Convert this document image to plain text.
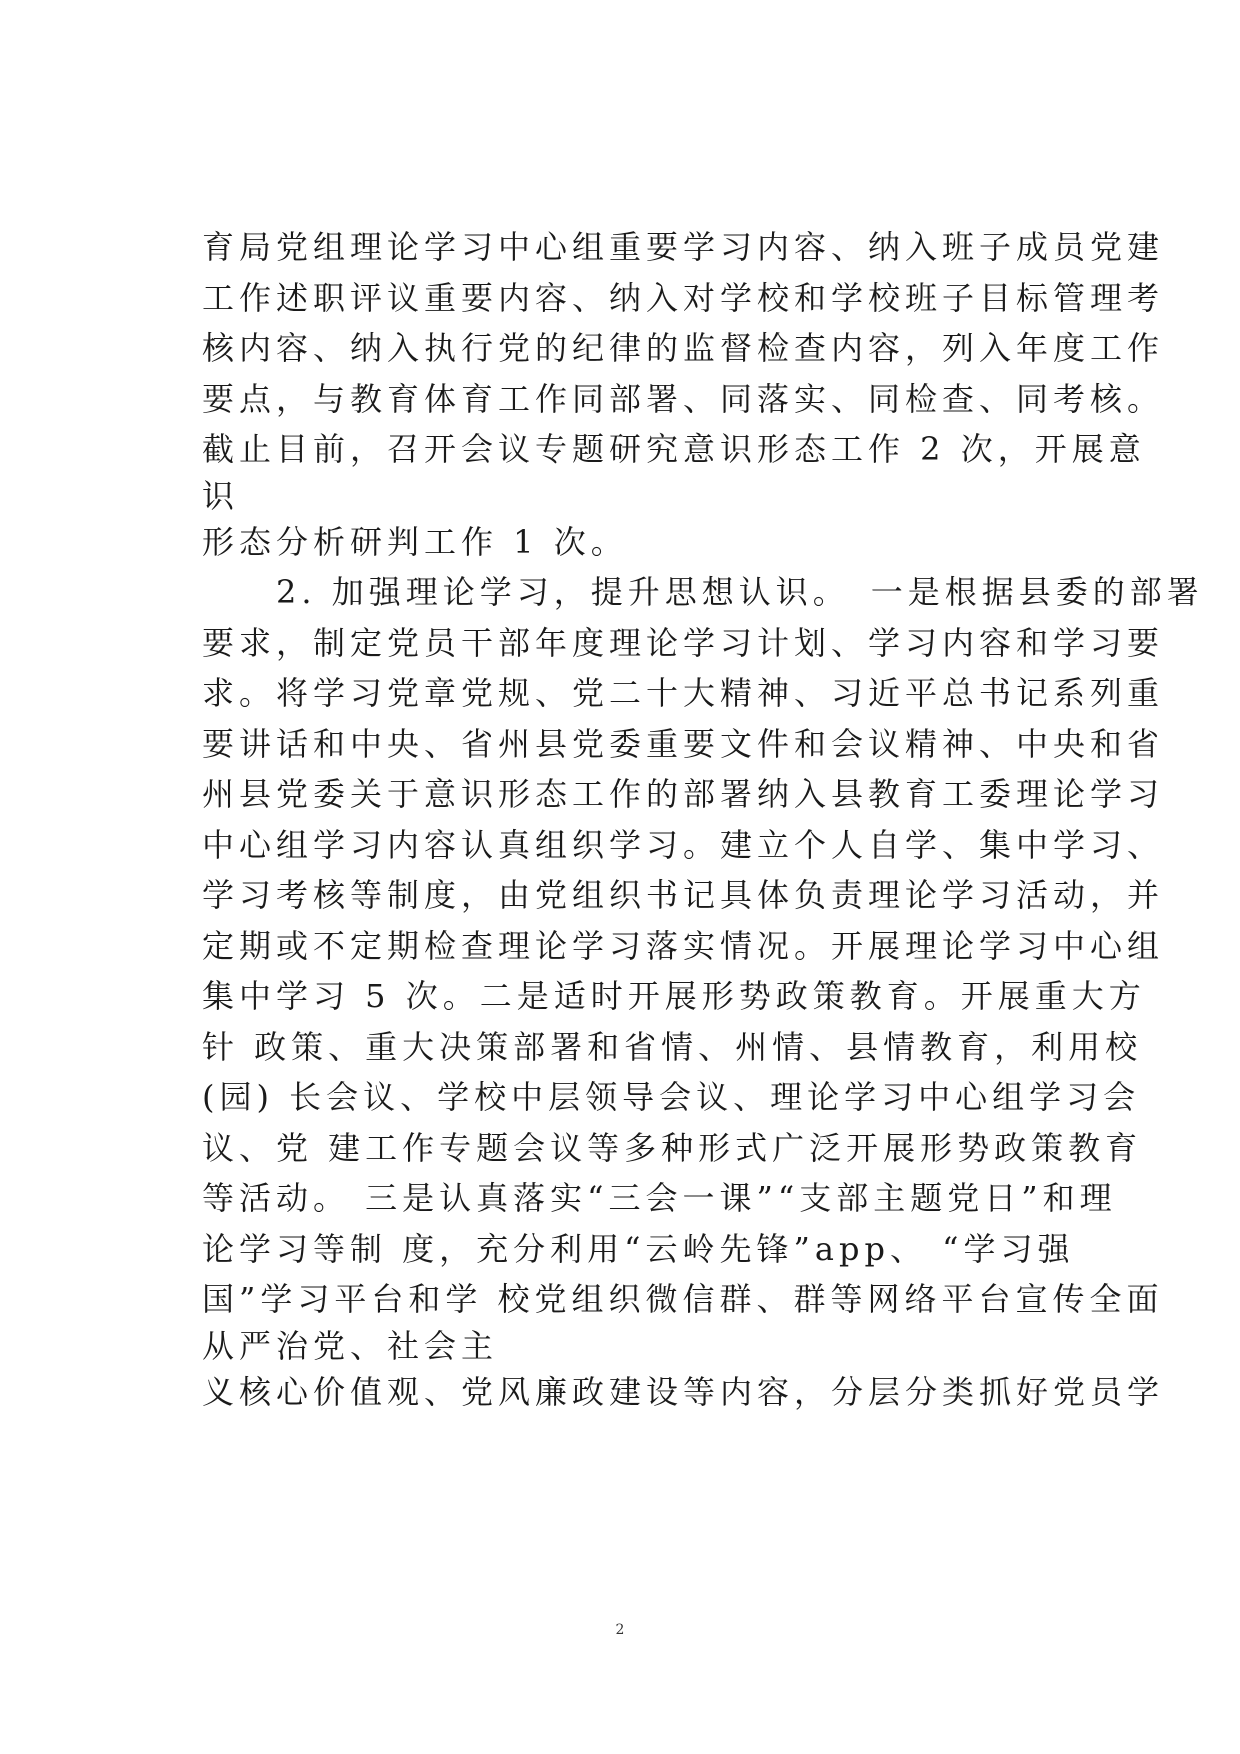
育局党组理论学习中心组重要学习内容、纳入班子成员党建
工作述职评议重要内容、纳入对学校和学校班子目标管理考
核内容、纳入执行党的纪律的监督检查内容，列入年度工作
要点，与教育体育工作同部署、同落实、同检查、同考核。
截止目前，召开会议专题研究意识形态工作 2 次，开展意
识
形态分析研判工作 1 次。
　　2. 加强理论学习，提升思想认识。　一是根据县委的部署
要求，制定党员干部年度理论学习计划、学习内容和学习要
求。将学习党章党规、党二十大精神、习近平总书记系列重
要讲话和中央、省州县党委重要文件和会议精神、中央和省
州县党委关于意识形态工作的部署纳入县教育工委理论学习
中心组学习内容认真组织学习。建立个人自学、集中学习、
学习考核等制度，由党组织书记具体负责理论学习活动，并
定期或不定期检查理论学习落实情况。开展理论学习中心组
集中学习 5 次。二是适时开展形势政策教育。开展重大方
针 政策、重大决策部署和省情、州情、县情教育，利用校
(园) 长会议、学校中层领导会议、理论学习中心组学习会
议、党 建工作专题会议等多种形式广泛开展形势政策教育
等活动。 三是认真落实“三会一课”“支部主题党日”和理
论学习等制 度，充分利用“云岭先锋”app、 “学习强
国”学习平台和学 校党组织微信群、群等网络平台宣传全面
从严治党、社会主
义核心价值观、党风廉政建设等内容，分层分类抓好党员学
2
